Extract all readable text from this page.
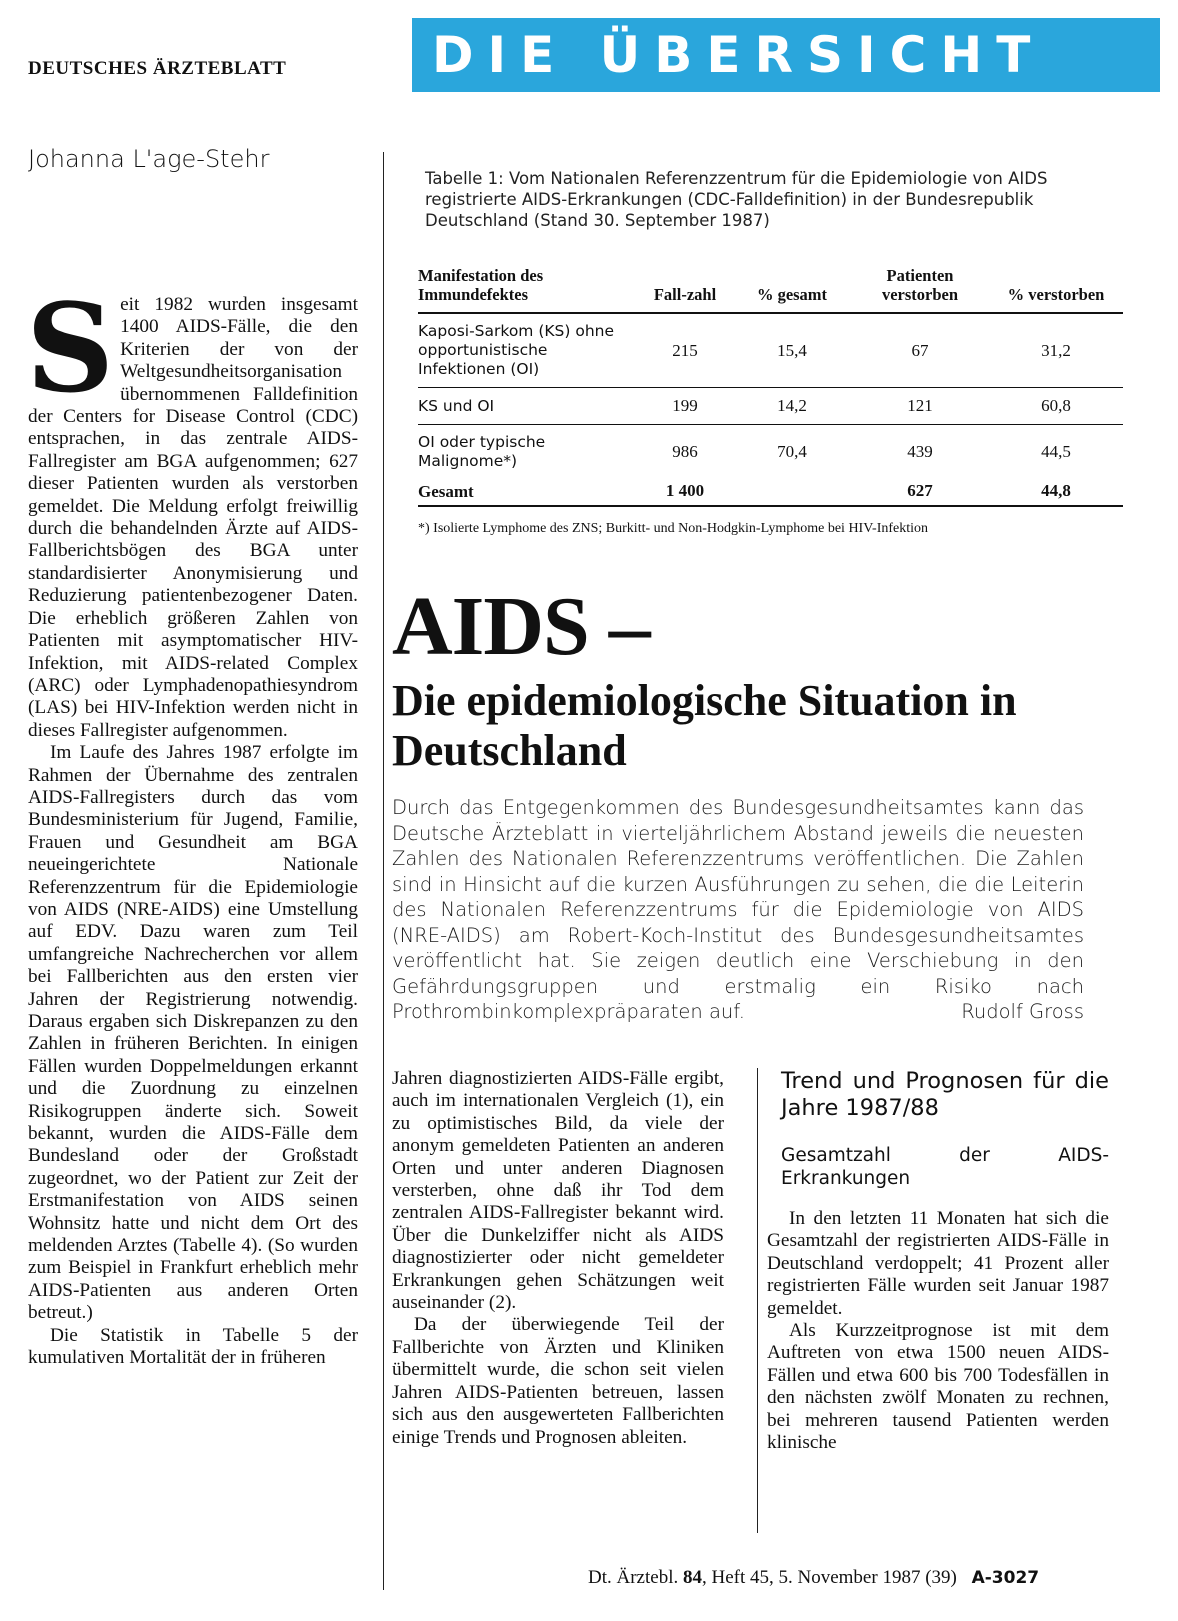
DEUTSCHES ÄRZTEBLATT	DIE ÜBERSICHT
Johanna L'age-Stehr
Tabelle 1: Vom Nationalen Referenzzentrum für die Epidemiologie von AIDS registrierte AIDS-Erkrankungen (CDC-Falldefinition) in der Bundesrepublik Deutschland (Stand 30. September 1987)
Manifestation des Immundefektes	Fall-zahl	% gesamt	Patienten verstorben	% verstorben
Kaposi-Sarkom (KS) ohne opportunistische Infektionen (OI)	215	15,4	67	31,2
KS und OI	199	14,2	121	60,8
OI oder typische Malignome*)	986	70,4	439	44,5
Gesamt	1 400		627	44,8
*) Isolierte Lymphome des ZNS; Burkitt- und Non-Hodgkin-Lymphome bei HIV-Infektion
AIDS –
Die epidemiologische Situation in Deutschland
Durch das Entgegenkommen des Bundesgesundheitsamtes kann das Deutsche Ärzteblatt in vierteljährlichem Abstand jeweils die neuesten Zahlen des Nationalen Referenzzentrums veröffentlichen. Die Zahlen sind in Hinsicht auf die kurzen Ausführungen zu sehen, die die Leiterin des Nationalen Referenzzentrums für die Epidemiologie von AIDS (NRE-AIDS) am Robert-Koch-Institut des Bundesgesundheitsamtes veröffentlicht hat. Sie zeigen deutlich eine Verschiebung in den Gefährdungsgruppen und erstmalig ein Risiko nach Prothrombinkomplexpräparaten auf.	Rudolf Gross

S eit 1982 wurden insgesamt 1400 AIDS-Fälle, die den Kriterien der von der Weltgesundheitsorganisation übernommenen Falldefinition der Centers for Disease Control (CDC) entsprachen, in das zentrale AIDS-Fallregister am BGA aufgenommen; 627 dieser Patienten wurden als verstorben gemeldet. Die Meldung erfolgt freiwillig durch die behandelnden Ärzte auf AIDS-Fallberichtsbögen des BGA unter standardisierter Anonymisierung und Reduzierung patientenbezogener Daten. Die erheblich größeren Zahlen von Patienten mit asymptomatischer HIV-Infektion, mit AIDS-related Complex (ARC) oder Lymphadenopathiesyndrom (LAS) bei HIV-Infektion werden nicht in dieses Fallregister aufgenommen.

Im Laufe des Jahres 1987 erfolgte im Rahmen der Übernahme des zentralen AIDS-Fallregisters durch das vom Bundesministerium für Jugend, Familie, Frauen und Gesundheit am BGA neueingerichtete Nationale Referenzzentrum für die Epidemiologie von AIDS (NRE-AIDS) eine Umstellung auf EDV. Dazu waren zum Teil umfangreiche Nachrecherchen vor allem bei Fallberichten aus den ersten vier Jahren der Registrierung notwendig. Daraus ergaben sich Diskrepanzen zu den Zahlen in früheren Berichten. In einigen Fällen wurden Doppelmeldungen erkannt und die Zuordnung zu einzelnen Risikogruppen änderte sich. Soweit bekannt, wurden die AIDS-Fälle dem Bundesland oder der Großstadt zugeordnet, wo der Patient zur Zeit der Erstmanifestation von AIDS seinen Wohnsitz hatte und nicht dem Ort des meldenden Arztes (Tabelle 4). (So wurden zum Beispiel in Frankfurt erheblich mehr AIDS-Patienten aus anderen Orten betreut.)

Die Statistik in Tabelle 5 der kumulativen Mortalität der in früheren

Jahren diagnostizierten AIDS-Fälle ergibt, auch im internationalen Vergleich (1), ein zu optimistisches Bild, da viele der anonym gemeldeten Patienten an anderen Orten und unter anderen Diagnosen versterben, ohne daß ihr Tod dem zentralen AIDS-Fallregister bekannt wird. Über die Dunkelziffer nicht als AIDS diagnostizierter oder nicht gemeldeter Erkrankungen gehen Schätzungen weit auseinander (2).

Da der überwiegende Teil der Fallberichte von Ärzten und Kliniken übermittelt wurde, die schon seit vielen Jahren AIDS-Patienten betreuen, lassen sich aus den ausgewerteten Fallberichten einige Trends und Prognosen ableiten.

Trend und Prognosen für die Jahre 1987/88
Gesamtzahl der AIDS-Erkrankungen

In den letzten 11 Monaten hat sich die Gesamtzahl der registrierten AIDS-Fälle in Deutschland verdoppelt; 41 Prozent aller registrierten Fälle wurden seit Januar 1987 gemeldet.

Als Kurzzeitprognose ist mit dem Auftreten von etwa 1500 neuen AIDS-Fällen und etwa 600 bis 700 Todesfällen in den nächsten zwölf Monaten zu rechnen, bei mehreren tausend Patienten werden klinische

Dt. Ärztebl. 84, Heft 45, 5. November 1987 (39) A-3027
